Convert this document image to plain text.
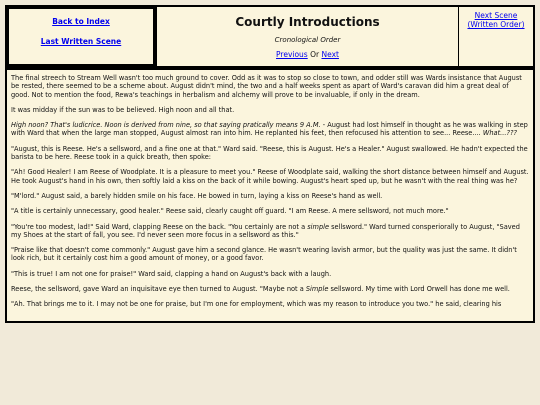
Back to Index
Last Written Scene
Courtly Introductions
Cronological Order
Previous Or Next
Next Scene (Written Order)

The final streech to Stream Well wasn't too much ground to cover. Odd as it was to stop so close to town, and odder still was Wards insistance that August be rested, there seemed to be a scheme about. August didn't mind, the two and a half weeks spent as apart of Ward's caravan did him a great deal of good. Not to mention the food, Rewa's teachings in herbalism and alchemy will prove to be invaluable, if only in the dream.

It was midday if the sun was to be believed. High noon and all that.

High noon? That's ludicrice. Noon is derived from nine, so that saying pratically means 9 A.M. - August had lost himself in thought as he was walking in step with Ward that when the large man stopped, August almost ran into him. He replanted his feet, then refocused his attention to see... Reese.... What...???

"August, this is Reese. He's a sellsword, and a fine one at that." Ward said. "Reese, this is August. He's a Healer." August swallowed. He hadn't expected the barista to be here. Reese took in a quick breath, then spoke:

"Ah! Good Healer! I am Reese of Woodplate. It is a pleasure to meet you." Reese of Woodplate said, walking the short distance between himself and August. He took August's hand in his own, then softly laid a kiss on the back of it while bowing. August's heart sped up, but he wasn't with the real thing was he?

"M'lord." August said, a barely hidden smile on his face. He bowed in turn, laying a kiss on Reese's hand as well.

"A title is certainly unnecessary, good healer." Reese said, clearly caught off guard. "I am Reese. A mere sellsword, not much more."

"You're too modest, lad!" Said Ward, clapping Reese on the back. "You certainly are not a simple sellsword." Ward turned consperiorally to August, "Saved my Shoes at the start of fall, you see. I'd never seen more focus in a sellsword as this."

"Praise like that doesn't come commonly." August gave him a second glance. He wasn't wearing lavish armor, but the quality was just the same. It didn't look rich, but it certainly cost him a good amount of money, or a good favor.

"This is true! I am not one for praise!" Ward said, clapping a hand on August's back with a laugh.

Reese, the sellsword, gave Ward an inquisitave eye then turned to August. "Maybe not a Simple sellsword. My time with Lord Orwell has done me well.

"Ah. That brings me to it. I may not be one for praise, but I'm one for employment, which was my reason to introduce you two." he said, clearing his
